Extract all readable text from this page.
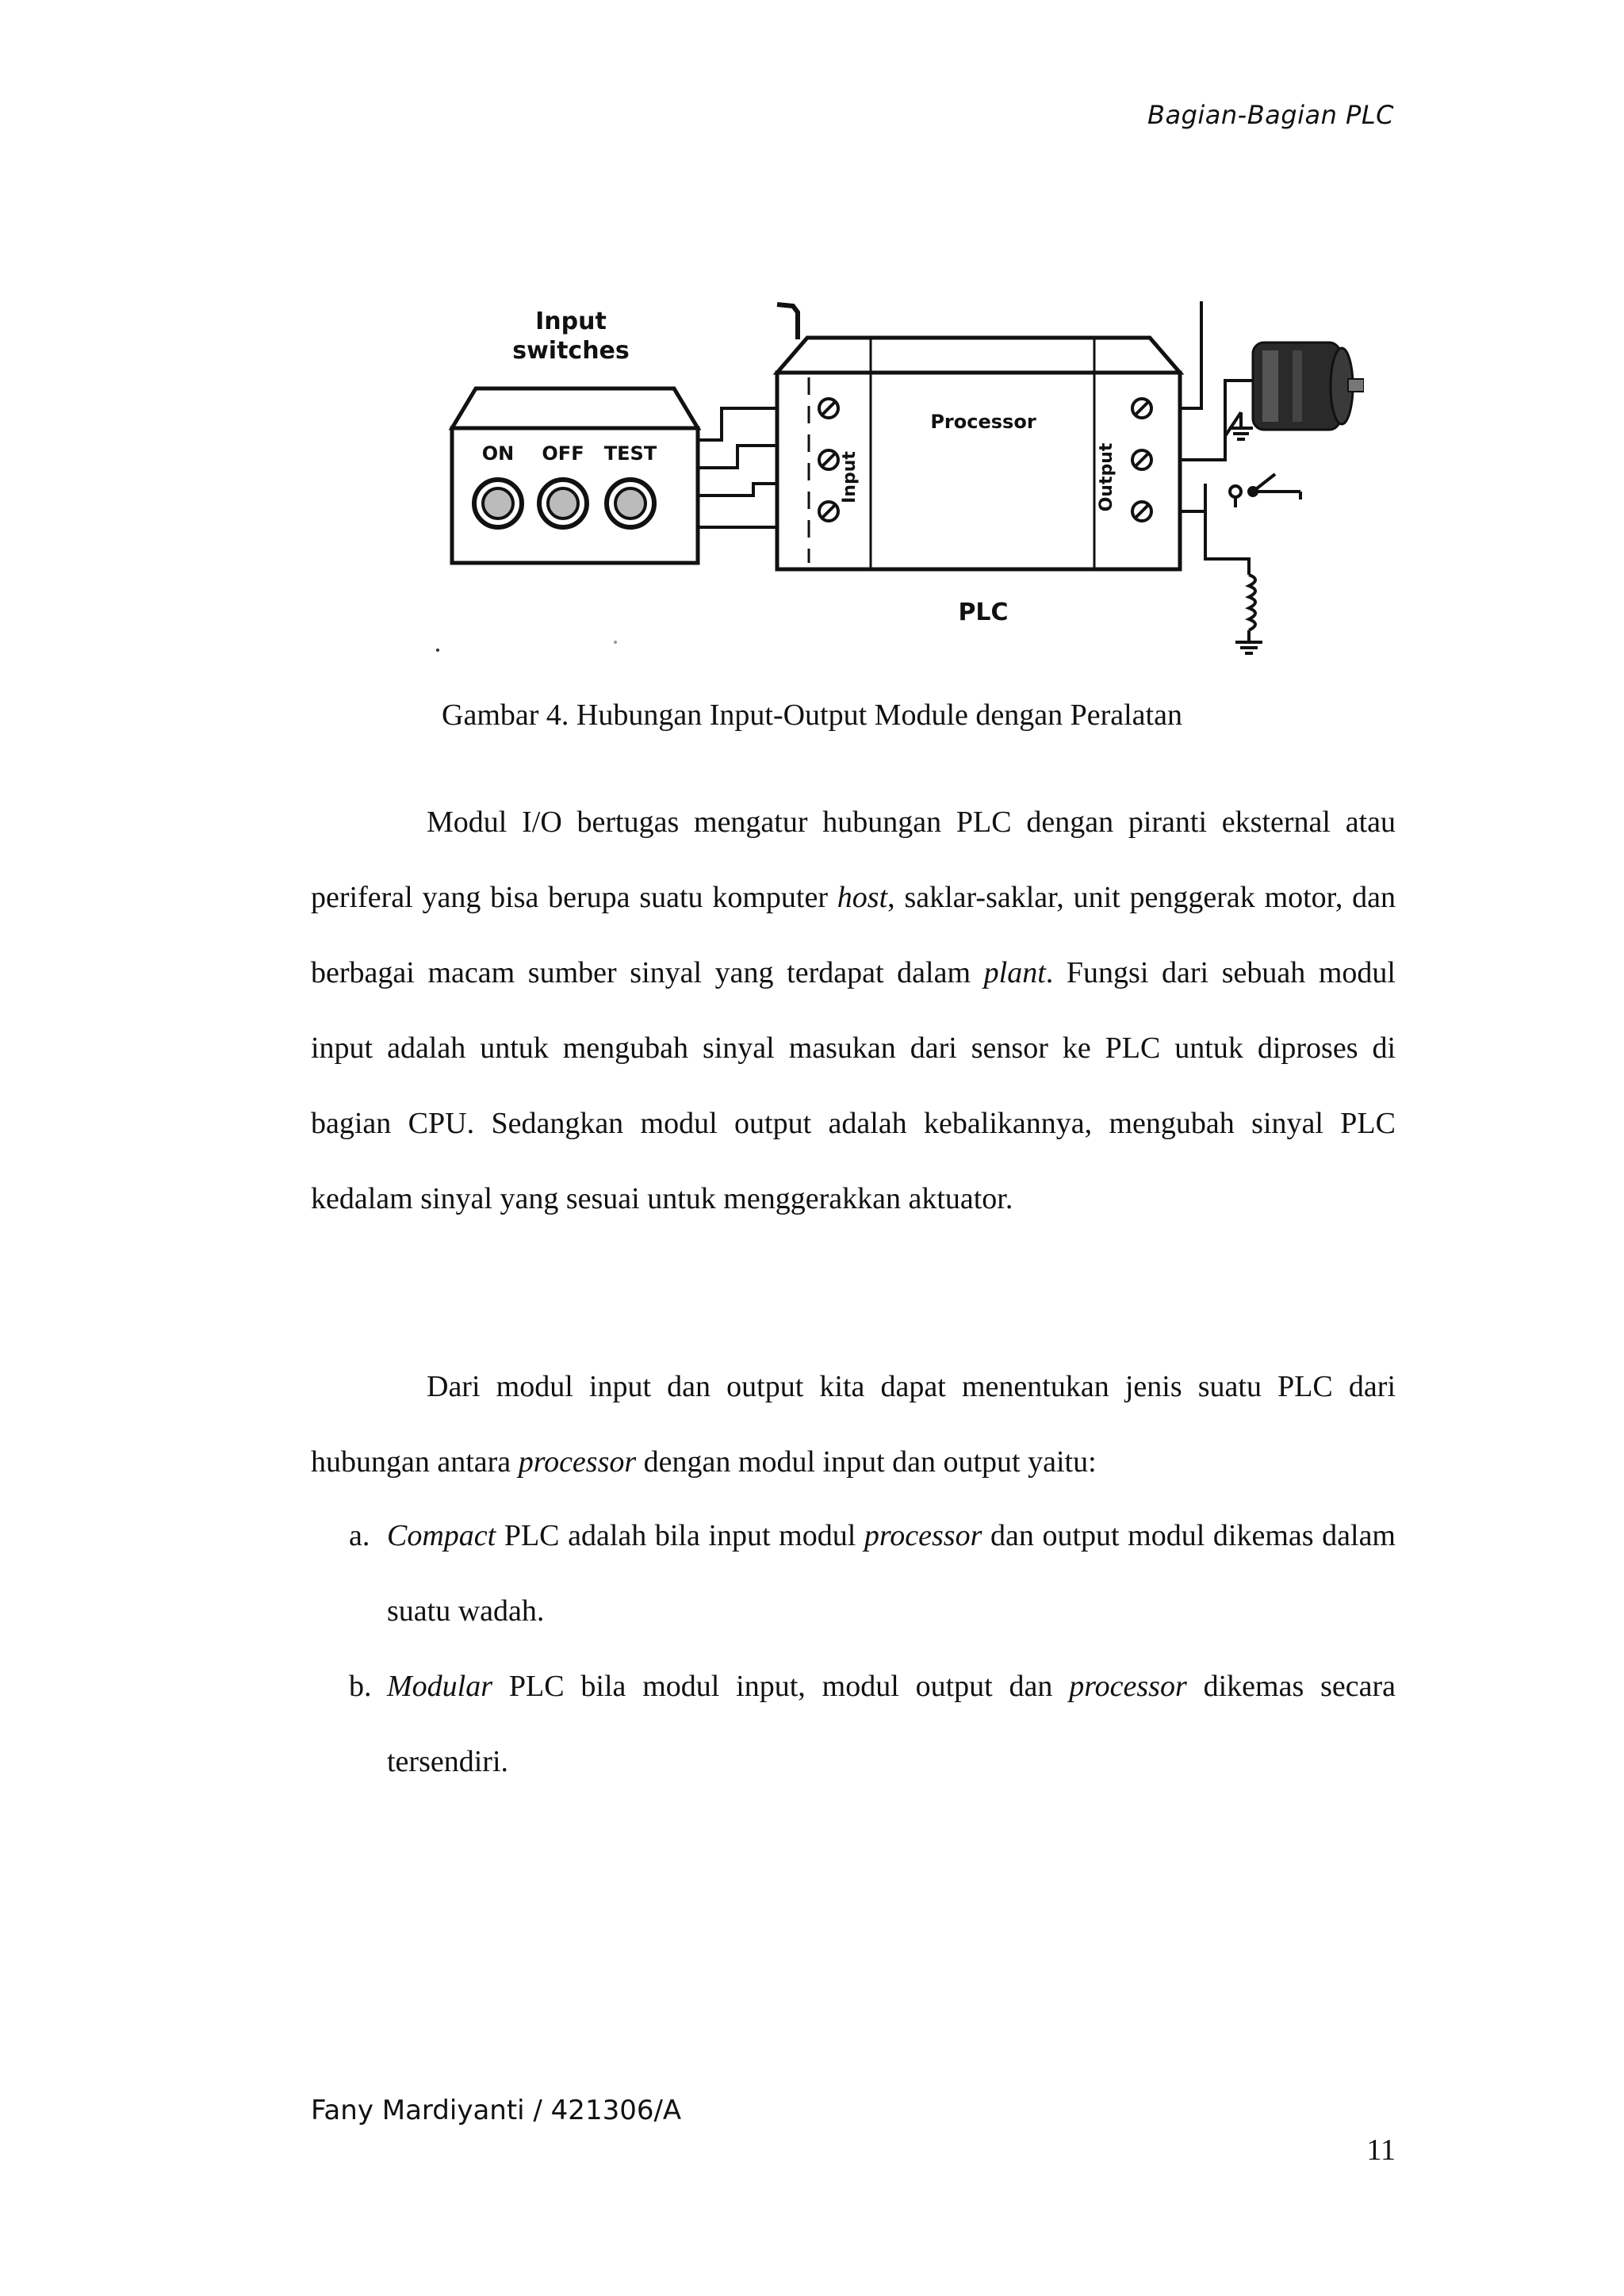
Bagian-Bagian PLC
Input
switches
ON OFF TEST
Processor
Input	Output
PLC
Gambar 4. Hubungan Input-Output Module dengan Peralatan
Modul I/O bertugas mengatur hubungan PLC dengan piranti eksternal atau periferal yang bisa berupa suatu komputer host, saklar-saklar, unit penggerak motor, dan berbagai macam sumber sinyal yang terdapat dalam plant. Fungsi dari sebuah modul input adalah untuk mengubah sinyal masukan dari sensor ke PLC untuk diproses di bagian CPU. Sedangkan modul output adalah kebalikannya, mengubah sinyal PLC kedalam sinyal yang sesuai untuk menggerakkan aktuator.
Dari modul input dan output kita dapat menentukan jenis suatu PLC dari hubungan antara processor dengan modul input dan output yaitu:
a. Compact PLC adalah bila input modul processor dan output modul dikemas dalam suatu wadah.
b. Modular PLC bila modul input, modul output dan processor dikemas secara tersendiri.
Fany Mardiyanti / 421306/A
11
